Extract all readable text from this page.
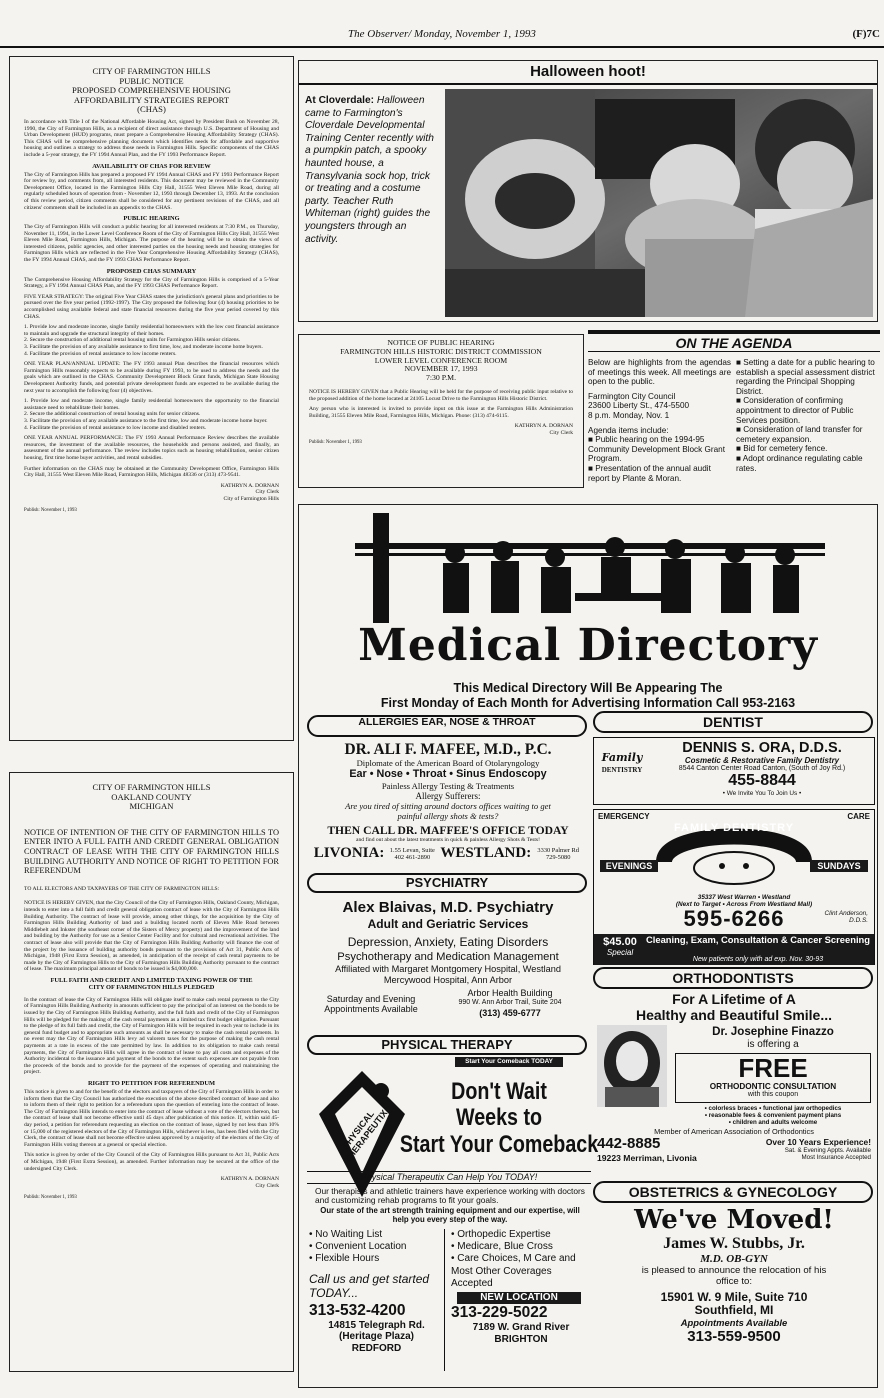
The Observer/ Monday, November 1, 1993	(F)7C
CITY OF FARMINGTON HILLS
PUBLIC NOTICE
PROPOSED COMPREHENSIVE HOUSING
AFFORDABILITY STRATEGIES REPORT
(CHAS)
In accordance with Title I of the National Affordable Housing Act, signed by President Bush on November 28, 1990, the City of Farmington Hills, as a recipient of direct assistance through U.S. Department of Housing and Urban Development (HUD) programs, must prepare a Comprehensive Housing Affordability Strategy (CHAS). This CHAS will be comprehensive planning document which identifies needs for affordable and supportive housing and outlines a strategy to address those needs in Farmington Hills. Specific components of the CHAS include a 5-year strategy, the FY 1994 Annual Plan, and the FY 1993 Performance Report.
AVAILABILITY OF CHAS FOR REVIEW
The City of Farmington Hills has prepared a proposed FY 1994 Annual CHAS and FY 1993 Performance Report for review by, and comments from, all interested residents. This document may be reviewed in the Community Development Office, located in the Farmington Hills City Hall, 31555 West Eleven Mile Road, during all regularly scheduled hours of operation from - November 12, 1993 through December 13, 1993. At the conclusion of this review period, citizen comments shall be considered for any pertinent revisions of the CHAS, and all citizens' comments shall be included in an appendix to the CHAS.
PUBLIC HEARING
The City of Farmington Hills will conduct a public hearing for all interested residents at 7:30 P.M., on Thursday, November 11, 1994, in the Lower Level Conference Room of the City of Farmington Hills City Hall, 31555 West Eleven Mile Road, Farmington Hills, Michigan. The purpose of the hearing will be to obtain the views of interested citizens, public agencies, and other interested parties on the housing needs and housing strategies for Farmington Hills which are reflected in the Five Year Comprehensive Housing Affordability Strategy (CHAS), the FY 1994 Annual CHAS, and the FY 1993 CHAS Performance Report.
PROPOSED CHAS SUMMARY
The Comprehensive Housing Affordability Strategy for the City of Farmington Hills is comprised of a 5-Year Strategy, a FY 1994 Annual CHAS Plan, and the FY 1993 CHAS Performance Report.
FIVE YEAR STRATEGY: The original Five Year CHAS states the jurisdiction's general plans and priorities to be pursued over the five year period (1992-1997). The City proposed the following four (4) housing priorities to be accomplished using available federal and state financial resources during the five year period covered by this CHAS.
1. Provide low and moderate income, single family residential homeowners with the low cost financial assistance to maintain and upgrade the structural integrity of their homes.
2. Secure the construction of additional rental housing units for Farmington Hills senior citizens.
3. Facilitate the provision of any available assistance to first time, low, and moderate income home buyers.
4. Facilitate the provision of rental assistance to low income renters.
ONE YEAR PLAN/ANNUAL UPDATE: The FY 1993 annual Plan describes the financial resources which Farmington Hills reasonably expects to be available during FY 1993, to be used to address the needs and the goals which are outlined in the CHAS. Community Development Block Grant funds, Michigan State Housing Development Authority funds, and potential private development funds are expected to be available during the next year to accomplish the following four (4) objectives.
1. Provide low and moderate income, single family residential homeowners the opportunity to the financial assistance need to rehabilitate their homes.
2. Secure the additional construction of rental housing units for senior citizens.
3. Facilitate the provision of any available assistance to the first time, low and moderate income home buyer.
4. Facilitate the provision of rental assistance to low income and disabled renters.
ONE YEAR ANNUAL PERFORMANCE: The FY 1993 Annual Performance Review describes the available resources, the investment of the available resources, the households and persons assisted, and finally, an assessment of the annual performance. The review includes topics such as housing rehabilitation, senior citizen housing, first time home buyer activities, and rental subsidies.
Further information on the CHAS may be obtained at the Community Development Office, Farmington Hills City Hall, 31555 West Eleven Mile Road, Farmington Hills, Michigan 48336 or (313) 473-9541.
KATHRYN A. DORNAN
City Clerk
City of Farmington Hills
Publish: November 1, 1993
CITY OF FARMINGTON HILLS
OAKLAND COUNTY
MICHIGAN
NOTICE OF INTENTION OF THE CITY OF FARMINGTON HILLS TO ENTER INTO A FULL FAITH AND CREDIT GENERAL OBLIGATION CONTRACT OF LEASE WITH THE CITY OF FARMINGTON HILLS BUILDING AUTHORITY AND NOTICE OF RIGHT TO PETITION FOR REFERENDUM
TO ALL ELECTORS AND TAXPAYERS OF THE CITY OF FARMINGTON HILLS:
NOTICE IS HEREBY GIVEN, that the City Council of the City of Farmington Hills, Oakland County, Michigan, intends to enter into a full faith and credit general obligation contract of lease with the City of Farmington Hills Building Authority. The contract of lease will provide, among other things, for the acquisition by the City of Farmington Hills Building Authority of land and a building located north of Eleven Mile Road between Middlebelt and Inkster (the southeast corner of the Sisters of Mercy property) and the improvement of the land and building by the Authority for use as a Senior Center Facility and for cultural and recreational activities. The contract of lease also will provide that the City of Farmington Hills Building Authority will finance the cost of the project by the issuance of building authority bonds pursuant to the provisions of Act 31, Public Acts of Michigan, 1948 (First Extra Session), as amended, in anticipation of the receipt of cash rental payments to be made by the City of Farmington Hills to the City of Farmington Hills Building Authority pursuant to the contract of lease. The maximum principal amount of bonds to be issued is $4,000,000.
FULL FAITH AND CREDIT AND LIMITED TAXING POWER OF THE CITY OF FARMINGTON HILLS PLEDGED
In the contract of lease the City of Farmington Hills will obligate itself to make cash rental payments to the City of Farmington Hills Building Authority in amounts sufficient to pay the principal of an interest on the bonds to be issued by the City of Farmington Hills Building Authority, and the full faith and credit of the City of Farmington Hills will be pledged for the making of the cash rental payments as a limited tax first budget obligation. Pursuant to the pledge of its full faith and credit, the City of Farmington Hills will be required in each year to include in its general fund budget and to appropriate such amounts as shall be necessary to make the cash rental payments. In no event may the City of Farmington Hills levy ad valorem taxes for the purpose of making the cash rental payments at a rate in excess of the rate permitted by law. In addition to its obligation to make cash rental payments, the City of Farmington Hills will agree in the contract of lease to pay all costs and expenses of the Authority incidental to the issuance and payment of the bonds to the extent such expenses are not payable from the proceeds of the bonds and to provide for the payment of the expenses of operating and maintaining the project.
RIGHT TO PETITION FOR REFERENDUM
This notice is given to and for the benefit of the electors and taxpayers of the City of Farmington Hills in order to inform them that the City Council has authorized the execution of the above described contract of lease and also to inform them of their right to petition for a referendum upon the question of entering into the contract of lease. The City of Farmington Hills intends to enter into the contract of lease without a vote of the electors thereon, but the contract of lease shall not become effective until 45 days after publication of this notice. If, within said 45-day period, a petition for referendum requesting an election on the contract of lease, signed by not less than 10% or 15,000 of the registered electors of the City of Farmington Hills, whichever is less, has been filed with the City Clerk, the contract of lease shall not become effective unless approved by a majority of the electors of the City of Farmington Hills voting thereon at a general or special election.
This notice is given by order of the City Council of the City of Farmington Hills pursuant to Act 31, Public Acts of Michigan, 1948 (First Extra Session), as amended. Further information may be secured at the office of the undersigned City Clerk.
KATHRYN A. DORNAN
City Clerk
Publish: November 1, 1993
Halloween hoot!
At Cloverdale: Halloween came to Farmington's Cloverdale Developmental Training Center recently with a pumpkin patch, a spooky haunted house, a Transylvania sock hop, trick or treating and a costume party. Teacher Ruth Whiteman (right) guides the youngsters through an activity.
NOTICE OF PUBLIC HEARING
FARMINGTON HILLS HISTORIC DISTRICT COMMISSION
LOWER LEVEL CONFERENCE ROOM
NOVEMBER 17, 1993
7:30 P.M.
NOTICE IS HEREBY GIVEN that a Public Hearing will be held for the purpose of receiving public input relative to the proposed addition of the home located at 24105 Locust Drive to the Farmington Hills Historic District.
Any person who is interested is invited to provide input on this issue at the Farmington Hills Administration Building, 31555 Eleven Mile Road, Farmington Hills, Michigan. Phone: (313) 474-6115.
KATHRYN A. DORNAN
City Clerk
Publish: November 1, 1993
ON THE AGENDA
Below are highlights from the agendas of meetings this week. All meetings are open to the public.
Farmington City Council
23600 Liberty St., 474-5500
8 p.m. Monday, Nov. 1
Agenda items include:
■ Public hearing on the 1994-95 Community Development Block Grant Program.
■ Presentation of the annual audit report by Plante & Moran.
■ Setting a date for a public hearing to establish a special assessment district regarding the Principal Shopping District.
■ Consideration of confirming appointment to director of Public Services position.
■ Consideration of land transfer for cemetery expansion.
■ Bid for cemetery fence.
■ Adopt ordinance regulating cable rates.
Medical Directory
This Medical Directory Will Be Appearing The
First Monday of Each Month for Advertising Information Call 953-2163
ALLERGIES EAR, NOSE & THROAT
DR. ALI F. MAFEE, M.D., P.C.
Diplomate of the American Board of Otolaryngology
Ear • Nose • Throat • Sinus Endoscopy
Painless Allergy Testing & Treatments
Allergy Sufferers:
Are you tired of sitting around doctors offices waiting to get painful allergy shots & tests?
THEN CALL DR. MAFFEE'S OFFICE TODAY
and find out about the latest treatments in quick & painless Allergy Shots & Tests!
LIVONIA: 1.55 Levan, Suite 402 461-2890 WESTLAND: 3330 Palmer Rd 729-5080
PSYCHIATRY
Alex Blaivas, M.D. Psychiatry
Adult and Geriatric Services
Depression, Anxiety, Eating Disorders
Psychotherapy and Medication Management
Affiliated with Margaret Montgomery Hospital, Westland
Mercywood Hospital, Ann Arbor
Saturday and Evening
Appointments Available
Arbor Health Building
990 W. Ann Arbor Trail, Suite 204
(313) 459-6777
PHYSICAL THERAPY
Start Your Comeback TODAY
PHYSICAL THERAPEUTIX
Don't Wait
Weeks to
Start Your Comeback
Physical Therapeutix Can Help You TODAY!
Our therapists and athletic trainers have experience working with doctors and customizing rehab programs to fit your goals.
Our state of the art strength training equipment and our expertise, will help you every step of the way.
• No Waiting List
• Convenient Location
• Flexible Hours
Call us and get started TODAY...
313-532-4200
14815 Telegraph Rd.
(Heritage Plaza)
REDFORD
• Orthopedic Expertise
• Medicare, Blue Cross
• Care Choices, M Care and Most Other Coverages Accepted
NEW LOCATION
313-229-5022
7189 W. Grand River
BRIGHTON
DENTIST
Family
DENTISTRY
DENNIS S. ORA, D.D.S.
Cosmetic & Restorative Family Dentistry
8544 Canton Center Road Canton, (South of Joy Rd.)
455-8844
• We Invite You To Join Us •
EMERGENCY	CARE
FAMILY DENTISTRY
EVENINGS	SUNDAYS
35337 West Warren • Westland
(Next to Target • Across From Westland Mall)
595-6266	Clint Anderson, D.D.S.
$45.00
Special
Cleaning, Exam, Consultation & Cancer Screening
New patients only with ad exp. Nov. 30-93
ORTHODONTISTS
For A Lifetime of A
Healthy and Beautiful Smile...
Dr. Josephine Finazzo
is offering a
FREE
ORTHODONTIC CONSULTATION
with this coupon
• colorless braces • functional jaw orthopedics
• reasonable fees & convenient payment plans
• children and adults welcome
Member of American Association of Orthodontics
442-8885	Over 10 Years Experience!
19223 Merriman, Livonia
Sat. & Evening Appts. Available
Most Insurance Accepted
OBSTETRICS & GYNECOLOGY
We've Moved!
James W. Stubbs, Jr.
M.D. OB-GYN
is pleased to announce the relocation of his office to:
15901 W. 9 Mile, Suite 710
Southfield, MI
Appointments Available
313-559-9500
